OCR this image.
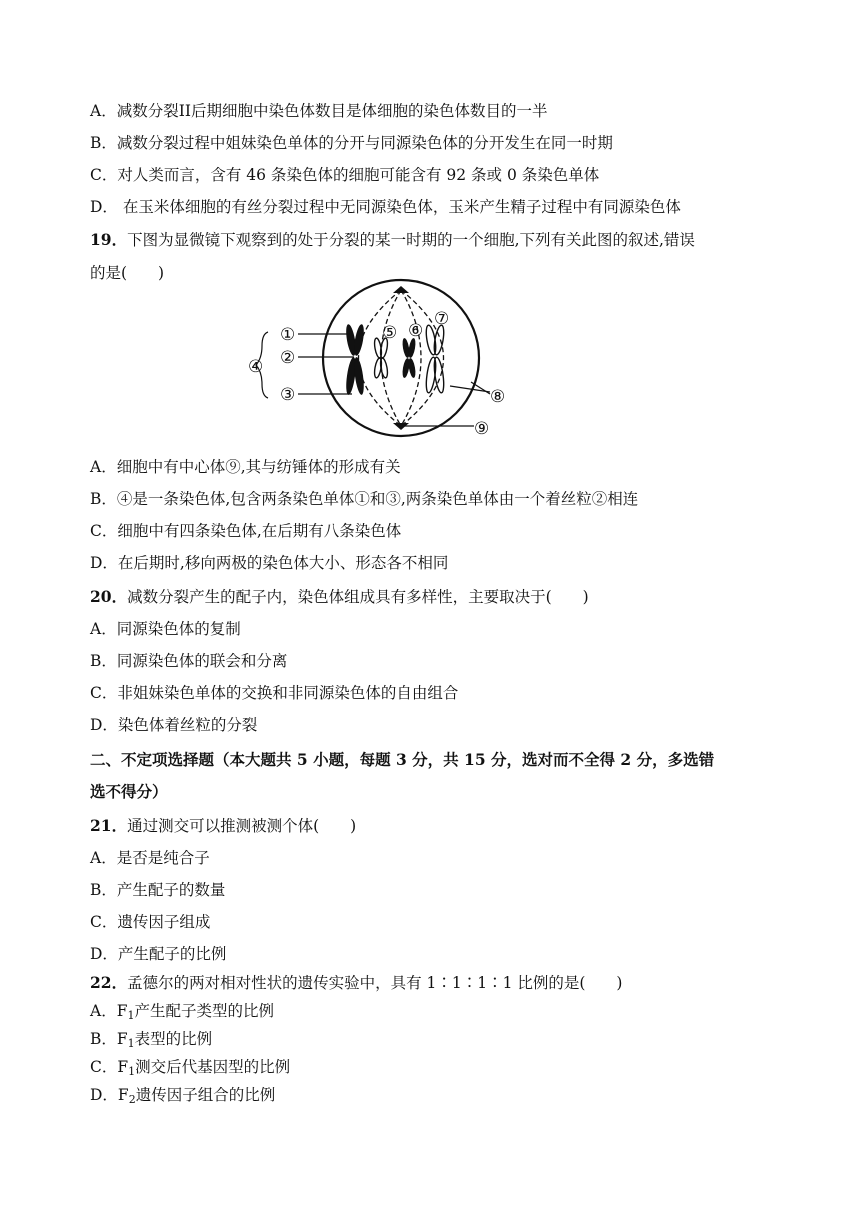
A．减数分裂II后期细胞中染色体数目是体细胞的染色体数目的一半
B．减数分裂过程中姐妹染色单体的分开与同源染色体的分开发生在同一时期
C．对人类而言，含有 46 条染色体的细胞可能含有 92 条或 0 条染色单体
D． 在玉米体细胞的有丝分裂过程中无同源染色体，玉米产生精子过程中有同源染色体
19．下图为显微镜下观察到的处于分裂的某一时期的一个细胞,下列有关此图的叙述,错误
的是(　　)
①
②
③
④
⑤ ⑥
⑦
⑧
⑨
A．细胞中有中心体⑨,其与纺锤体的形成有关
B．④是一条染色体,包含两条染色单体①和③,两条染色单体由一个着丝粒②相连
C．细胞中有四条染色体,在后期有八条染色体
D．在后期时,移向两极的染色体大小、形态各不相同
20．减数分裂产生的配子内，染色体组成具有多样性，主要取决于(　　)
A．同源染色体的复制
B．同源染色体的联会和分离
C．非姐妹染色单体的交换和非同源染色体的自由组合
D．染色体着丝粒的分裂
二、不定项选择题（本大题共 5 小题，每题 3 分，共 15 分，选对而不全得 2 分，多选错
选不得分）
21．通过测交可以推测被测个体(　　)
A．是否是纯合子
B．产生配子的数量
C．遗传因子组成
D．产生配子的比例
22．孟德尔的两对相对性状的遗传实验中，具有 1∶1∶1∶1 比例的是(　　)
A．$F_1$产生配子类型的比例
B．$F_1$表型的比例
C．$F_1$测交后代基因型的比例
D．$F_2$遗传因子组合的比例
